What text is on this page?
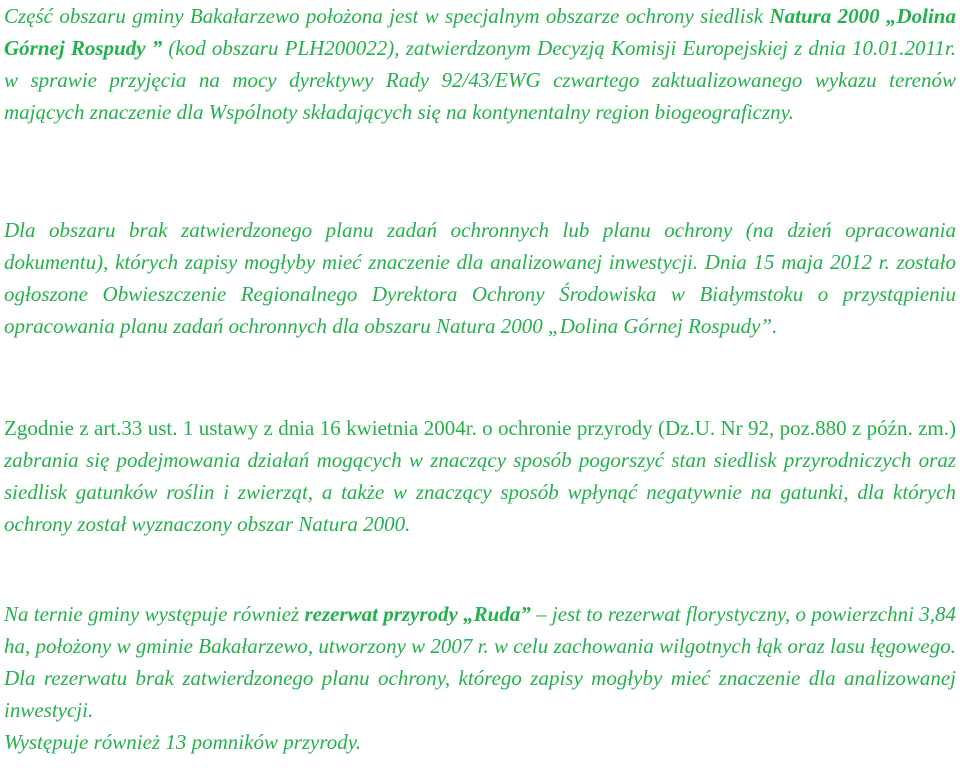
Część obszaru gminy Bakałarzewo położona jest w specjalnym obszarze ochrony siedlisk Natura 2000 „Dolina Górnej Rospudy ” (kod obszaru PLH200022), zatwierdzonym Decyzją Komisji Europejskiej z dnia 10.01.2011r. w sprawie przyjęcia na mocy dyrektywy Rady 92/43/EWG czwartego zaktualizowanego wykazu terenów mających znaczenie dla Wspólnoty składających się na kontynentalny region biogeograficzny.

Dla obszaru brak zatwierdzonego planu zadań ochronnych lub planu ochrony (na dzień opracowania dokumentu), których zapisy mogłyby mieć znaczenie dla analizowanej inwestycji. Dnia 15 maja 2012 r. zostało ogłoszone Obwieszczenie Regionalnego Dyrektora Ochrony Środowiska w Białymstoku o przystąpieniu opracowania planu zadań ochronnych dla obszaru Natura 2000 „Dolina Górnej Rospudy”.

Zgodnie z art.33 ust. 1 ustawy z dnia 16 kwietnia 2004r. o ochronie przyrody (Dz.U. Nr 92, poz.880 z późn. zm.) zabrania się podejmowania działań mogących w znaczący sposób pogorszyć stan siedlisk przyrodniczych oraz siedlisk gatunków roślin i zwierząt, a także w znaczący sposób wpłynąć negatywnie na gatunki, dla których ochrony został wyznaczony obszar Natura 2000.

Na ternie gminy występuje również rezerwat przyrody „Ruda” – jest to rezerwat florystyczny, o powierzchni 3,84 ha, położony w gminie Bakałarzewo, utworzony w 2007 r. w celu zachowania wilgotnych łąk oraz lasu łęgowego. Dla rezerwatu brak zatwierdzonego planu ochrony, którego zapisy mogłyby mieć znaczenie dla analizowanej inwestycji.
Występuje również 13 pomników przyrody.
